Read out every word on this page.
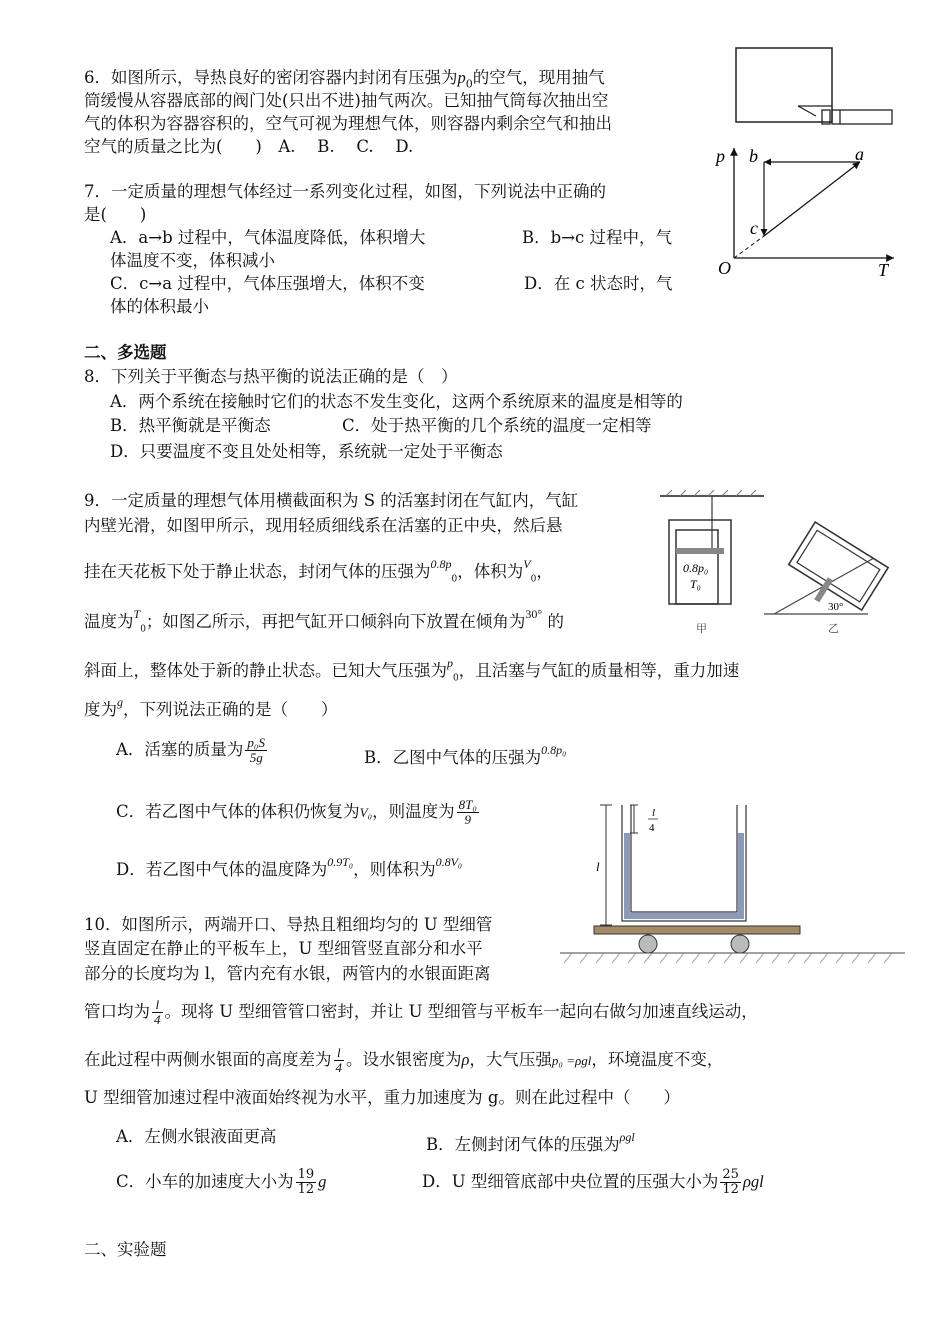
6．如图所示，导热良好的密闭容器内封闭有压强为$p_0$的空气，现用抽气
筒缓慢从容器底部的阀门处(只出不进)抽气两次。已知抽气筒每次抽出空
气的体积为容器容积的，空气可视为理想气体，则容器内剩余空气和抽出
空气的质量之比为(　　)　A.　 B.　 C.　 D.
7．一定质量的理想气体经过一系列变化过程，如图，下列说法中正确的
是(　　)
A．a→b 过程中，气体温度降低，体积增大	B．b→c 过程中，气
体温度不变，体积减小
C．c→a 过程中，气体压强增大，体积不变	D．在 c 状态时，气
体的体积最小
p
T
O
a
b
c
二、多选题
8．下列关于平衡态与热平衡的说法正确的是（　）
A．两个系统在接触时它们的状态不发生变化，这两个系统原来的温度是相等的
B．热平衡就是平衡态	C．处于热平衡的几个系统的温度一定相等
D．只要温度不变且处处相等，系统就一定处于平衡态
9．一定质量的理想气体用横截面积为 S 的活塞封闭在气缸内，气缸
内壁光滑，如图甲所示，现用轻质细线系在活塞的正中央，然后悬
挂在天花板下处于静止状态，封闭气体的压强为$^{0.8p}_0$，体积为$^V_0$，
温度为$^T_0$；如图乙所示，再把气缸开口倾斜向下放置在倾角为$^{30^\circ}$ 的
斜面上，整体处于新的静止状态。已知大气压强为$^p_0$，且活塞与气缸的质量相等，重力加速
度为$^g$，下列说法正确的是（　　）
A．活塞的质量为 $\frac{\text{p₀S}}{5g}$	B．乙图中气体的压强为$^{0.8p_0}$
C．若乙图中气体的体积仍恢复为V₀，则温度为 $\frac{\text{8T₀}}{9}$
D．若乙图中气体的温度降为$^{0.9T_0}$，则体积为$^{0.8V_0}$
0.8p₀
T₀
甲
30°
乙
10．如图所示，两端开口、导热且粗细均匀的 U 型细管
竖直固定在静止的平板车上，U 型细管竖直部分和水平
部分的长度均为 l，管内充有水银，两管内的水银面距离
管口均为 $\frac{l}{4}$ 。现将 U 型细管管口密封，并让 U 型细管与平板车一起向右做匀加速直线运动，
在此过程中两侧水银面的高度差为 $\frac{l}{4}$ 。设水银密度为ρ，大气压强p₀ =ρgl，环境温度不变，
U 型细管加速过程中液面始终视为水平，重力加速度为 g。则在此过程中（　　）
A．左侧水银液面更高	B．左侧封闭气体的压强为$^{\rho gl}$
C．小车的加速度大小为 $\frac{19}{12}$ g	D．U 型细管底部中央位置的压强大小为 $\frac{25}{12}$ ρgl
l
l
4
二、实验题
